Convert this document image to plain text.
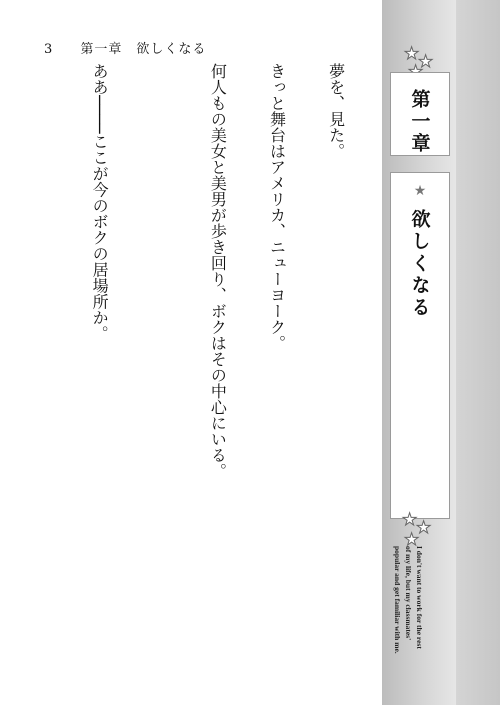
3 第一章　欲しくなる

夢を、見た。

きっと舞台はアメリカ、ニューヨーク。

何人もの美女と美男が歩き回り、ボクはその中心にいる。

ああ────ここが今のボクの居場所か。

★
★
第一章
★
欲しくなる
★
★
★
I don't want to work for the rest
of my life, but my classmates'
popular and get familiar with me.
